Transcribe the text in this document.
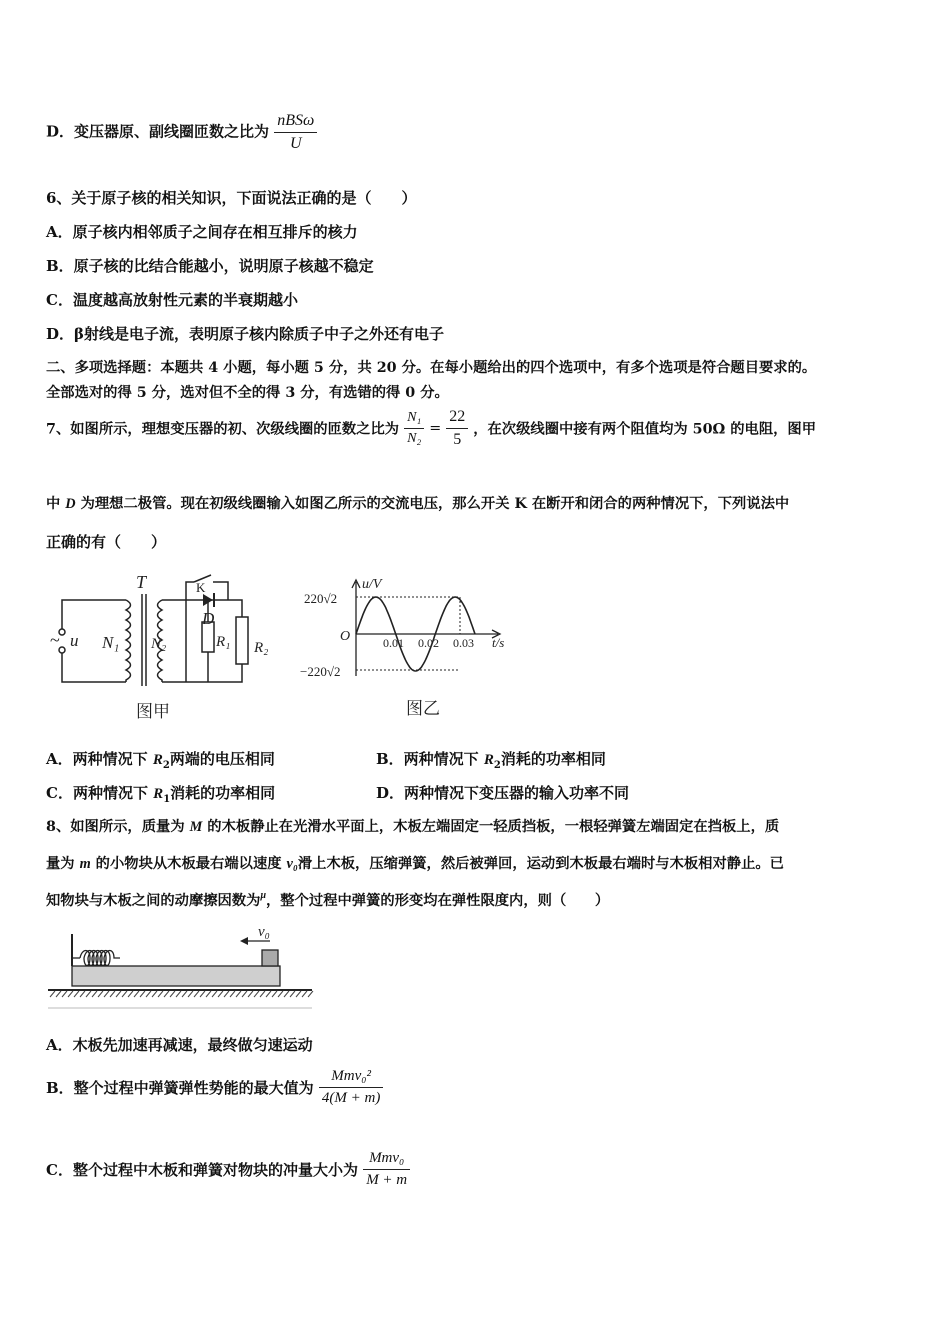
D．变压器原、副线圈匝数之比为 $\frac{\text{nBSω}}{U}$
6、关于原子核的相关知识，下面说法正确的是（　　）
A．原子核内相邻质子之间存在相互排斥的核力
B．原子核的比结合能越小，说明原子核越不稳定
C．温度越高放射性元素的半衰期越小
D．β射线是电子流，表明原子核内除质子中子之外还有电子
二、多项选择题：本题共 4 小题，每小题 5 分，共 20 分。在每小题给出的四个选项中，有多个选项是符合题目要求的。
全部选对的得 5 分，选对但不全的得 3 分，有选错的得 0 分。
7、如图所示，理想变压器的初、次级线圈的匝数之比为 $\frac{\text{N₁}}{\text{N₂}} = \frac{22}{5}$ ，在次级线圈中接有两个阻值均为 50Ω 的电阻，图甲
中 D 为理想二极管。现在初级线圈输入如图乙所示的交流电压，那么开关 K 在断开和闭合的两种情况下，下列说法中
正确的有（　　）
~ u N₁
T
N₂
K
D
R₁ R₂
图甲
u/V
220√2
−220√2
O	0.01 0.02 0.03 t/s
图乙
A．两种情况下 $R_2$两端的电压相同	B．两种情况下 $R_2$消耗的功率相同
C．两种情况下 $R_1$消耗的功率相同	D．两种情况下变压器的输入功率不同
8、如图所示，质量为 M 的木板静止在光滑水平面上，木板左端固定一轻质挡板，一根轻弹簧左端固定在挡板上，质
量为 m 的小物块从木板最右端以速度 v₀滑上木板，压缩弹簧，然后被弹回，运动到木板最右端时与木板相对静止。已
知物块与木板之间的动摩擦因数为$^\mu$，整个过程中弹簧的形变均在弹性限度内，则（　　）
v₀
A．木板先加速再减速，最终做匀速运动
B．整个过程中弹簧弹性势能的最大值为 $\frac{\text{Mmv₀²}}{4(M + m)}$
C．整个过程中木板和弹簧对物块的冲量大小为 $\frac{\text{Mmv₀}}{M + m}$
